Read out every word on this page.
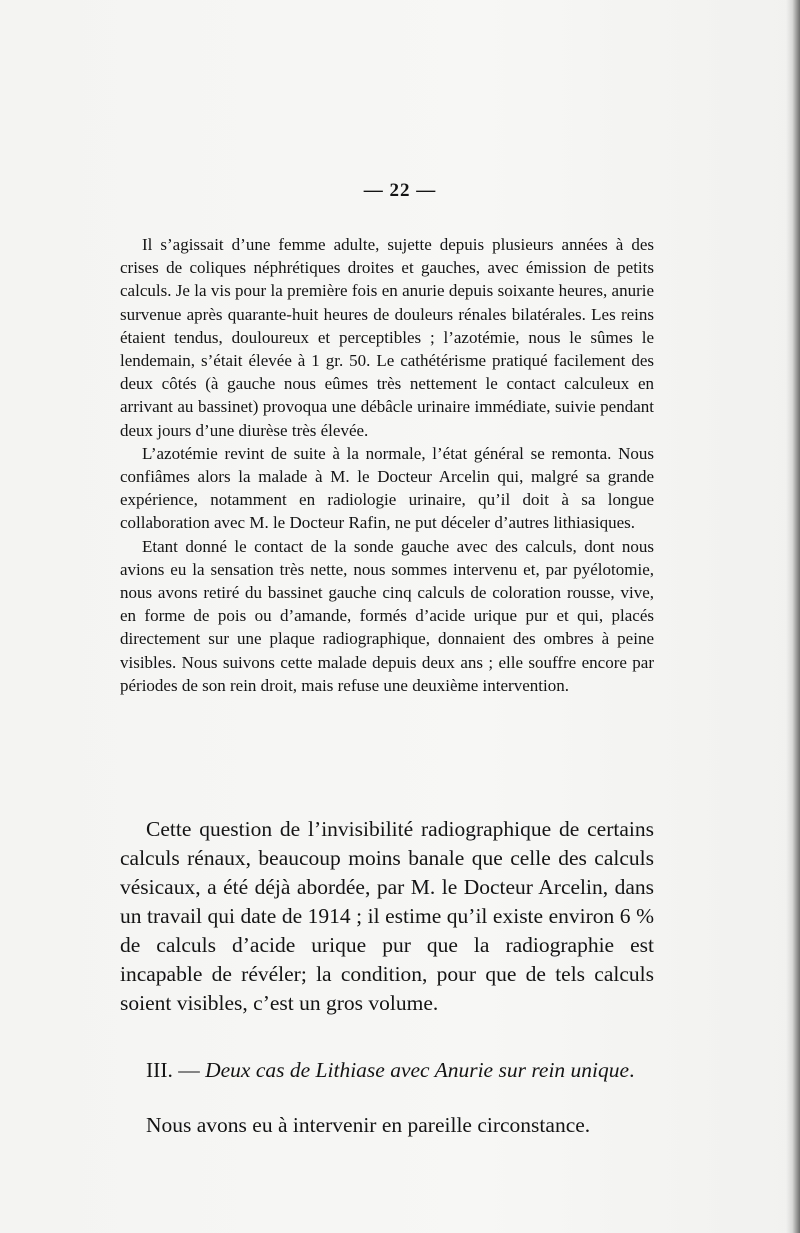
— 22 —

Il s’agissait d’une femme adulte, sujette depuis plusieurs années à des crises de coliques néphrétiques droites et gauches, avec émission de petits calculs. Je la vis pour la première fois en anurie depuis soixante heures, anurie survenue après quarante-huit heures de douleurs rénales bilatérales. Les reins étaient tendus, douloureux et perceptibles ; l’azotémie, nous le sûmes le lendemain, s’était élevée à 1 gr. 50. Le cathétérisme pratiqué facilement des deux côtés (à gauche nous eûmes très nettement le contact calculeux en arrivant au bassinet) provoqua une débâcle urinaire immédiate, suivie pendant deux jours d’une diurèse très élevée.

L’azotémie revint de suite à la normale, l’état général se remonta. Nous confiâmes alors la malade à M. le Docteur Arcelin qui, malgré sa grande expérience, notamment en radiologie urinaire, qu’il doit à sa longue collaboration avec M. le Docteur Rafin, ne put déceler d’autres lithiasiques.

Etant donné le contact de la sonde gauche avec des calculs, dont nous avions eu la sensation très nette, nous sommes intervenu et, par pyélotomie, nous avons retiré du bassinet gauche cinq calculs de coloration rousse, vive, en forme de pois ou d’amande, formés d’acide urique pur et qui, placés directement sur une plaque radiographique, donnaient des ombres à peine visibles. Nous suivons cette malade depuis deux ans ; elle souffre encore par périodes de son rein droit, mais refuse une deuxième intervention.

Cette question de l’invisibilité radiographique de certains calculs rénaux, beaucoup moins banale que celle des calculs vésicaux, a été déjà abordée, par M. le Docteur Arcelin, dans un travail qui date de 1914 ; il estime qu’il existe environ 6 % de calculs d’acide urique pur que la radiographie est incapable de révéler; la condition, pour que de tels calculs soient visibles, c’est un gros volume.

III. — Deux cas de Lithiase avec Anurie sur rein unique.

Nous avons eu à intervenir en pareille circonstance.
